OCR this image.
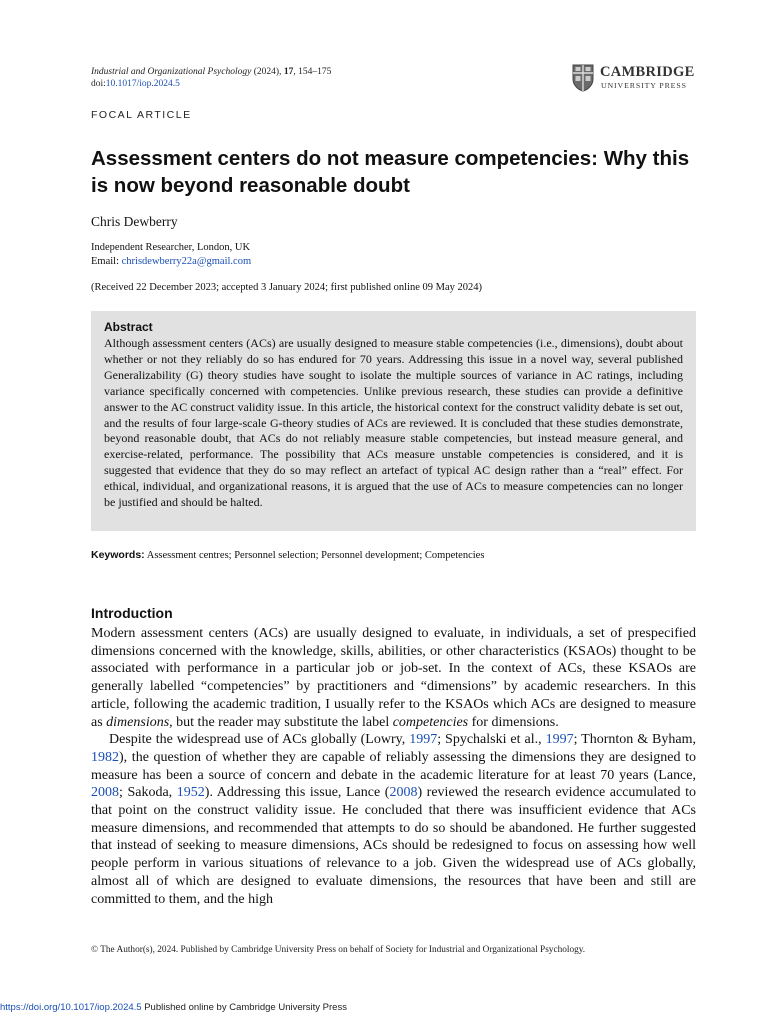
Industrial and Organizational Psychology (2024), 17, 154–175
doi:10.1017/iop.2024.5
CAMBRIDGE
UNIVERSITY PRESS
FOCAL ARTICLE
Assessment centers do not measure competencies: Why this is now beyond reasonable doubt
Chris Dewberry
Independent Researcher, London, UK
Email: chrisdewberry22a@gmail.com
(Received 22 December 2023; accepted 3 January 2024; first published online 09 May 2024)
Abstract
Although assessment centers (ACs) are usually designed to measure stable competencies (i.e., dimensions), doubt about whether or not they reliably do so has endured for 70 years. Addressing this issue in a novel way, several published Generalizability (G) theory studies have sought to isolate the multiple sources of variance in AC ratings, including variance specifically concerned with competencies. Unlike previous research, these studies can provide a definitive answer to the AC construct validity issue. In this article, the historical context for the construct validity debate is set out, and the results of four large-scale G-theory studies of ACs are reviewed. It is concluded that these studies demonstrate, beyond reasonable doubt, that ACs do not reliably measure stable competencies, but instead measure general, and exercise-related, performance. The possibility that ACs measure unstable competencies is considered, and it is suggested that evidence that they do so may reflect an artefact of typical AC design rather than a “real” effect. For ethical, individual, and organizational reasons, it is argued that the use of ACs to measure competencies can no longer be justified and should be halted.
Keywords: Assessment centres; Personnel selection; Personnel development; Competencies
Introduction

Modern assessment centers (ACs) are usually designed to evaluate, in individuals, a set of prespecified dimensions concerned with the knowledge, skills, abilities, or other characteristics (KSAOs) thought to be associated with performance in a particular job or job-set. In the context of ACs, these KSAOs are generally labelled “competencies” by practitioners and “dimensions” by academic researchers. In this article, following the academic tradition, I usually refer to the KSAOs which ACs are designed to measure as dimensions, but the reader may substitute the label competencies for dimensions.

Despite the widespread use of ACs globally (Lowry, 1997; Spychalski et al., 1997; Thornton & Byham, 1982), the question of whether they are capable of reliably assessing the dimensions they are designed to measure has been a source of concern and debate in the academic literature for at least 70 years (Lance, 2008; Sakoda, 1952). Addressing this issue, Lance (2008) reviewed the research evidence accumulated to that point on the construct validity issue. He concluded that there was insufficient evidence that ACs measure dimensions, and recommended that attempts to do so should be abandoned. He further suggested that instead of seeking to measure dimensions, ACs should be redesigned to focus on assessing how well people perform in various situations of relevance to a job. Given the widespread use of ACs globally, almost all of which are designed to evaluate dimensions, the resources that have been and still are committed to them, and the high

© The Author(s), 2024. Published by Cambridge University Press on behalf of Society for Industrial and Organizational Psychology.
https://doi.org/10.1017/iop.2024.5 Published online by Cambridge University Press
